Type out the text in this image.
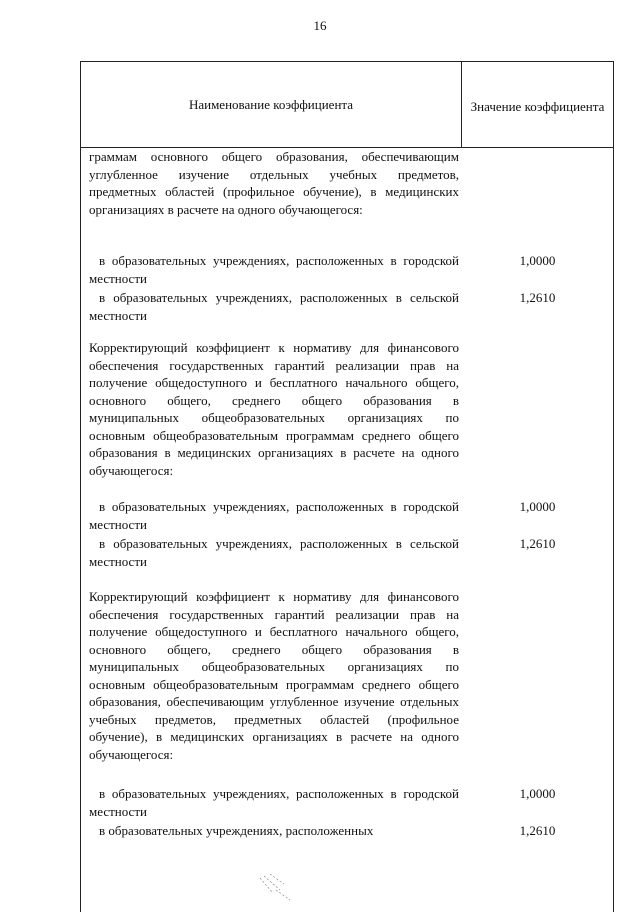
16
Наименование коэффициента	Значение коэффициента
граммам основного общего образования, обеспечивающим углубленное изучение отдельных учебных предметов, предметных областей (профильное обучение), в медицинских организациях в расчете на одного обучающегося:
в образовательных учреждениях, расположенных в городской местности
1,0000
в образовательных учреждениях, расположенных в сельской местности
1,2610
Корректирующий коэффициент к нормативу для финансового обеспечения государственных гарантий реализации прав на получение общедоступного и бесплатного начального общего, основного общего, среднего общего образования в муниципальных общеобразовательных организациях по основным общеобразовательным программам среднего общего образования в медицинских организациях в расчете на одного обучающегося:
в образовательных учреждениях, расположенных в городской местности
1,0000
в образовательных учреждениях, расположенных в сельской местности
1,2610
Корректирующий коэффициент к нормативу для финансового обеспечения государственных гарантий реализации прав на получение общедоступного и бесплатного начального общего, основного общего, среднего общего образования в муниципальных общеобразовательных организациях по основным общеобразовательным программам среднего общего образования, обеспечивающим углубленное изучение отдельных учебных предметов, предметных областей (профильное обучение), в медицинских организациях в расчете на одного обучающегося:
в образовательных учреждениях, расположенных в городской местности
1,0000
в образовательных учреждениях, расположенных	1,2610
